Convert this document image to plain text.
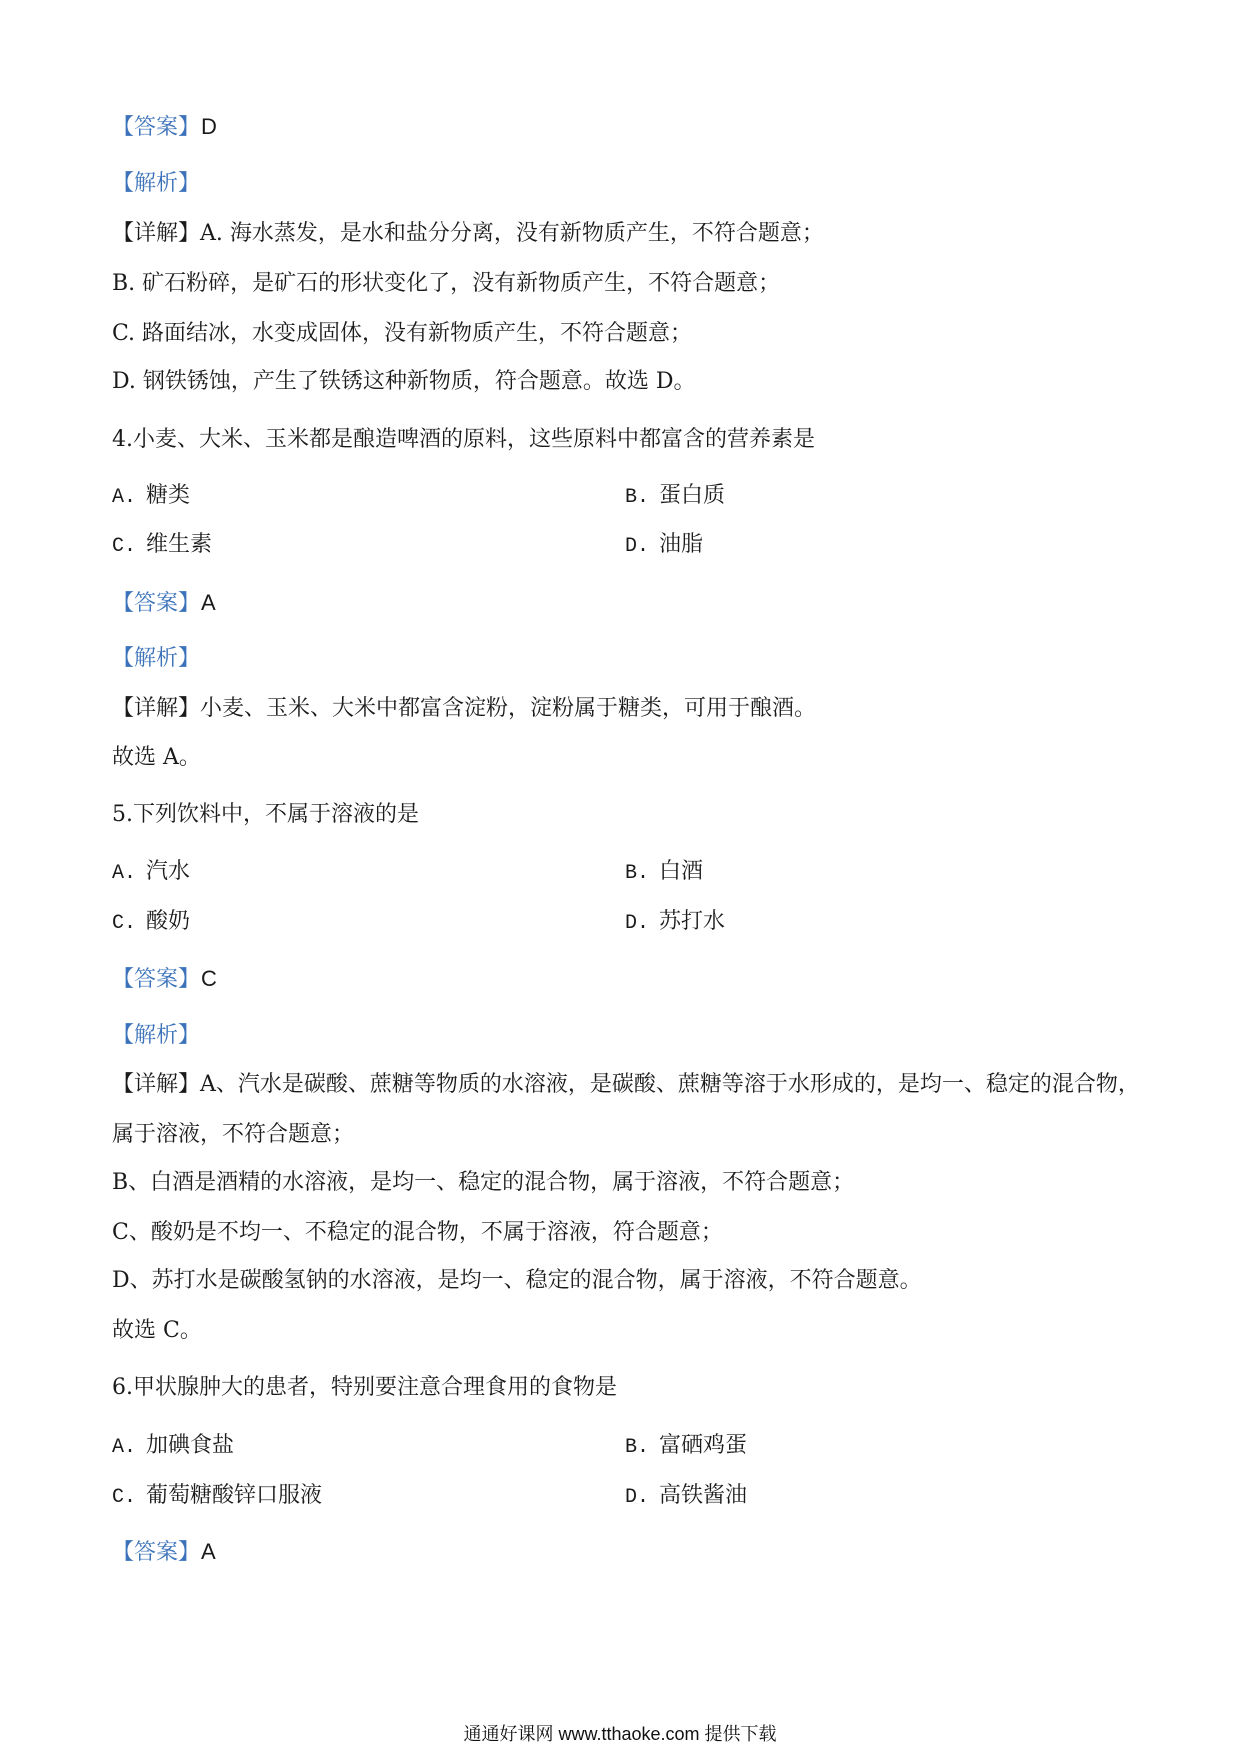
【答案】D
【解析】
【详解】A. 海水蒸发，是水和盐分分离，没有新物质产生，不符合题意；
B. 矿石粉碎，是矿石的形状变化了，没有新物质产生，不符合题意；
C. 路面结冰，水变成固体，没有新物质产生，不符合题意；
D. 钢铁锈蚀，产生了铁锈这种新物质，符合题意。故选 D。
4.小麦、大米、玉米都是酿造啤酒的原料，这些原料中都富含的营养素是
A. 糖类	B. 蛋白质
C. 维生素	D. 油脂
【答案】A
【解析】
【详解】小麦、玉米、大米中都富含淀粉，淀粉属于糖类，可用于酿酒。
故选 A。
5.下列饮料中，不属于溶液的是
A. 汽水	B. 白酒
C. 酸奶	D. 苏打水
【答案】C
【解析】
【详解】A、汽水是碳酸、蔗糖等物质的水溶液，是碳酸、蔗糖等溶于水形成的，是均一、稳定的混合物，
属于溶液，不符合题意；
B、白酒是酒精的水溶液，是均一、稳定的混合物，属于溶液，不符合题意；
C、酸奶是不均一、不稳定的混合物，不属于溶液，符合题意；
D、苏打水是碳酸氢钠的水溶液，是均一、稳定的混合物，属于溶液，不符合题意。
故选 C。
6.甲状腺肿大的患者，特别要注意合理食用的食物是
A. 加碘食盐	B. 富硒鸡蛋
C. 葡萄糖酸锌口服液	D. 高铁酱油
【答案】A
通通好课网 www.tthaoke.com 提供下载
